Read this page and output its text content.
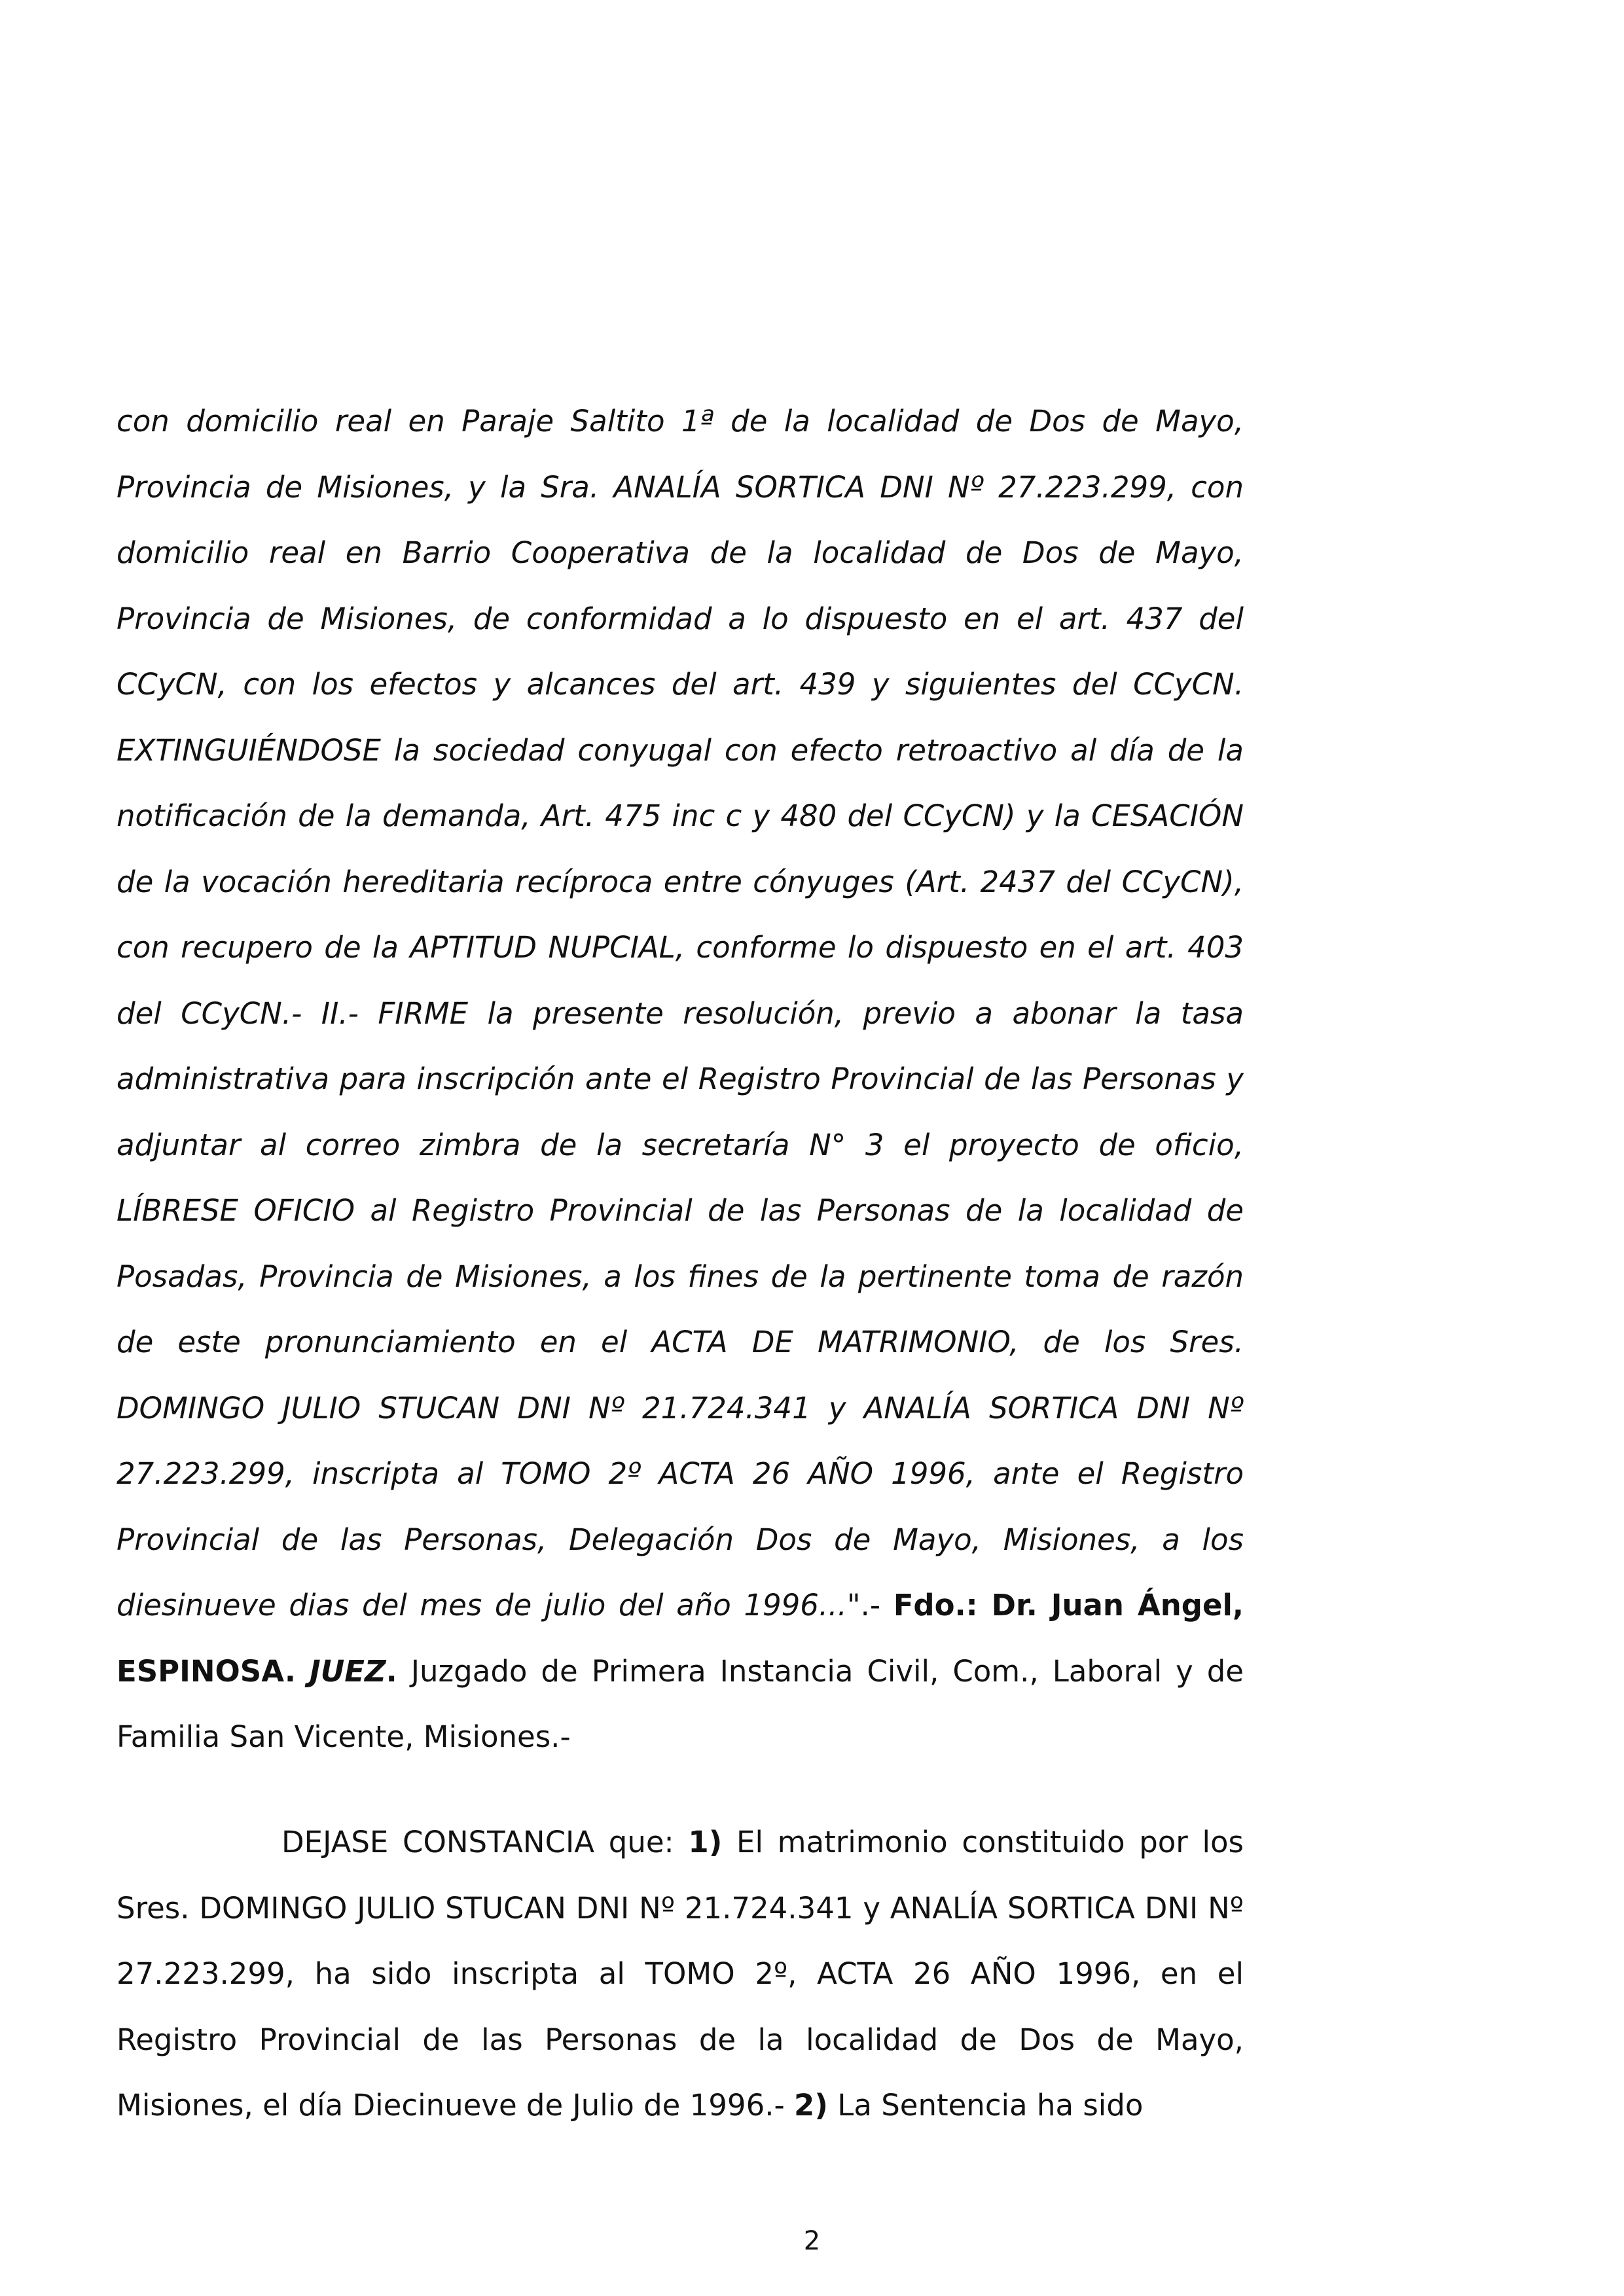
con domicilio real en Paraje Saltito 1ª de la localidad de Dos de Mayo, Provincia de Misiones, y la Sra. ANALÍA SORTICA DNI Nº 27.223.299, con domicilio real en Barrio Cooperativa de la localidad de Dos de Mayo, Provincia de Misiones, de conformidad a lo dispuesto en el art. 437 del CCyCN, con los efectos y alcances del art. 439 y siguientes del CCyCN. EXTINGUIÉNDOSE la sociedad conyugal con efecto retroactivo al día de la notificación de la demanda, Art. 475 inc c y 480 del CCyCN) y la CESACIÓN de la vocación hereditaria recíproca entre cónyuges (Art. 2437 del CCyCN), con recupero de la APTITUD NUPCIAL, conforme lo dispuesto en el art. 403 del CCyCN.- II.- FIRME la presente resolución, previo a abonar la tasa administrativa para inscripción ante el Registro Provincial de las Personas y adjuntar al correo zimbra de la secretaría N° 3 el proyecto de oficio, LÍBRESE OFICIO al Registro Provincial de las Personas de la localidad de Posadas, Provincia de Misiones, a los fines de la pertinente toma de razón de este pronunciamiento en el ACTA DE MATRIMONIO, de los Sres. DOMINGO JULIO STUCAN DNI Nº 21.724.341 y ANALÍA SORTICA DNI Nº 27.223.299, inscripta al TOMO 2º ACTA 26 AÑO 1996, ante el Registro Provincial de las Personas, Delegación Dos de Mayo, Misiones, a los diesinueve dias del mes de julio del año 1996...".- Fdo.: Dr. Juan Ángel, ESPINOSA. JUEZ. Juzgado de Primera Instancia Civil, Com., Laboral y de Familia San Vicente, Misiones.-

DEJASE CONSTANCIA que: 1) El matrimonio constituido por los Sres. DOMINGO JULIO STUCAN DNI Nº 21.724.341 y ANALÍA SORTICA DNI Nº 27.223.299, ha sido inscripta al TOMO 2º, ACTA 26 AÑO 1996, en el Registro Provincial de las Personas de la localidad de Dos de Mayo, Misiones, el día Diecinueve de Julio de 1996.- 2) La Sentencia ha sido

2
